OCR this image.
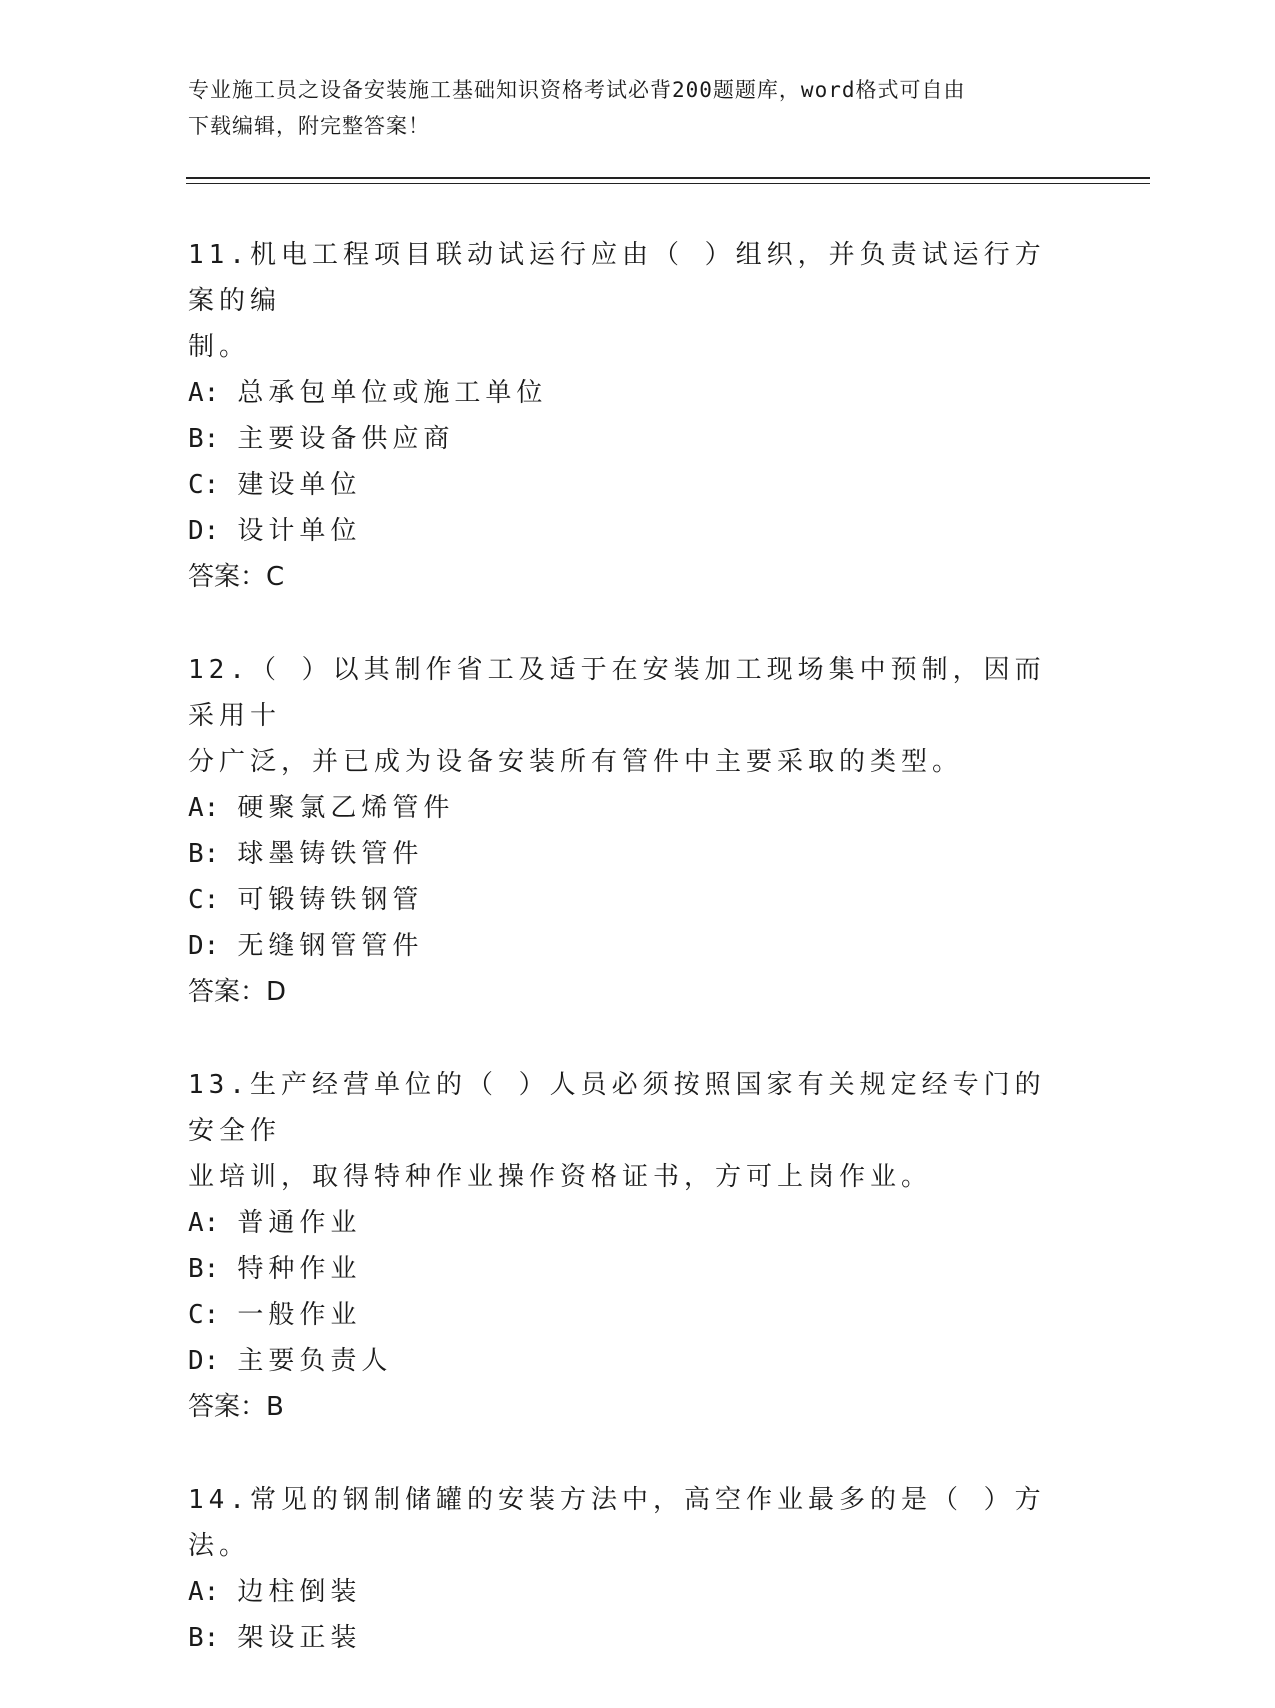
专业施工员之设备安装施工基础知识资格考试必背200题题库，word格式可自由
下载编辑，附完整答案！
11.机电工程项目联动试运行应由（ ）组织，并负责试运行方案的编
制。
A: 总承包单位或施工单位
B: 主要设备供应商
C: 建设单位
D: 设计单位
答案：C
12.（ ）以其制作省工及适于在安装加工现场集中预制，因而采用十
分广泛，并已成为设备安装所有管件中主要采取的类型。
A: 硬聚氯乙烯管件
B: 球墨铸铁管件
C: 可锻铸铁钢管
D: 无缝钢管管件
答案：D
13.生产经营单位的（ ）人员必须按照国家有关规定经专门的安全作
业培训，取得特种作业操作资格证书，方可上岗作业。
A: 普通作业
B: 特种作业
C: 一般作业
D: 主要负责人
答案：B
14.常见的钢制储罐的安装方法中，高空作业最多的是（ ）方法。
A: 边柱倒装
B: 架设正装
